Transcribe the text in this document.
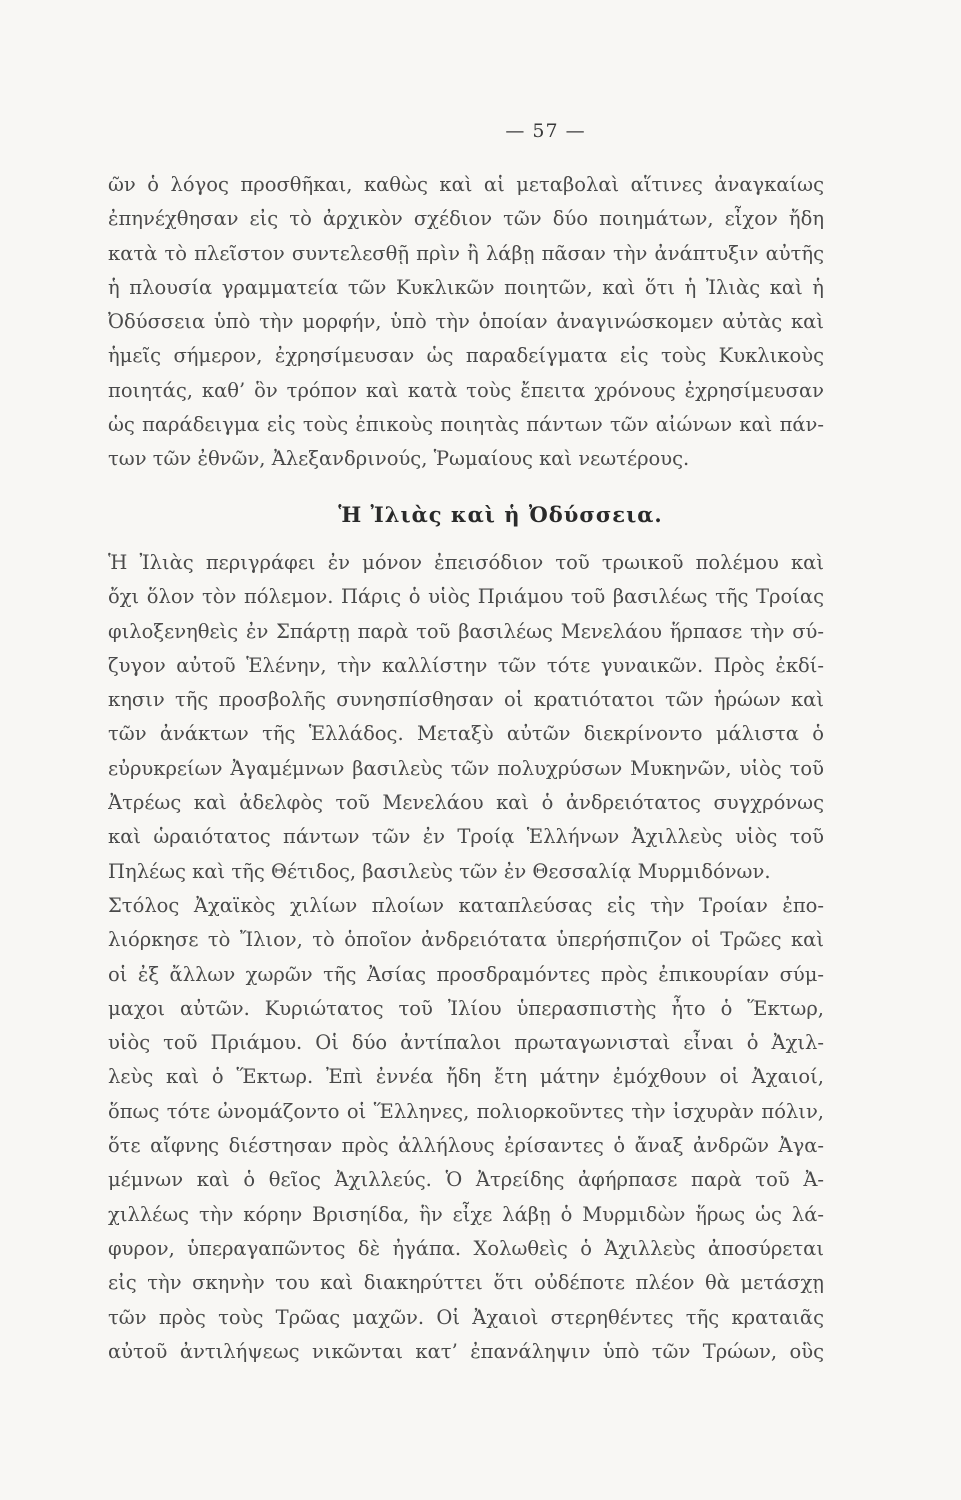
— 57 —
ῶν ὁ λόγος προσθῆκαι, καθὼς καὶ αἱ μεταβολαὶ αἵτινες ἀναγκαίως
ἐπηνέχθησαν εἰς τὸ ἀρχικὸν σχέδιον τῶν δύο ποιημάτων, εἶχον ἤδη
κατὰ τὸ πλεῖστον συντελεσθῇ πρὶν ἢ λάβῃ πᾶσαν τὴν ἀνάπτυξιν αὐτῆς
ἡ πλουσία γραμματεία τῶν Κυκλικῶν ποιητῶν, καὶ ὅτι ἡ Ἰλιὰς καὶ ἡ
Ὀδύσσεια ὑπὸ τὴν μορφήν, ὑπὸ τὴν ὁποίαν ἀναγινώσκομεν αὐτὰς καὶ
ἡμεῖς σήμερον, ἐχρησίμευσαν ὡς παραδείγματα εἰς τοὺς Κυκλικοὺς
ποιητάς, καθ’ ὃν τρόπον καὶ κατὰ τοὺς ἔπειτα χρόνους ἐχρησίμευσαν
ὡς παράδειγμα εἰς τοὺς ἐπικοὺς ποιητὰς πάντων τῶν αἰώνων καὶ πάν-
των τῶν ἐθνῶν, Ἀλεξανδρινούς, Ῥωμαίους καὶ νεωτέρους.
Ἡ Ἰλιὰς καὶ ἡ Ὀδύσσεια.
Ἡ Ἰλιὰς περιγράφει ἐν μόνον ἐπεισόδιον τοῦ τρωικοῦ πολέμου καὶ
ὄχι ὅλον τὸν πόλεμον. Πάρις ὁ υἱὸς Πριάμου τοῦ βασιλέως τῆς Τροίας
φιλοξενηθεὶς ἐν Σπάρτῃ παρὰ τοῦ βασιλέως Μενελάου ἥρπασε τὴν σύ-
ζυγον αὐτοῦ Ἑλένην, τὴν καλλίστην τῶν τότε γυναικῶν. Πρὸς ἐκδί-
κησιν τῆς προσβολῆς συνησπίσθησαν οἱ κρατιότατοι τῶν ἡρώων καὶ
τῶν ἀνάκτων τῆς Ἑλλάδος. Μεταξὺ αὐτῶν διεκρίνοντο μάλιστα ὁ
εὐρυκρείων Ἀγαμέμνων βασιλεὺς τῶν πολυχρύσων Μυκηνῶν, υἱὸς τοῦ
Ἀτρέως καὶ ἀδελφὸς τοῦ Μενελάου καὶ ὁ ἀνδρειότατος συγχρόνως
καὶ ὡραιότατος πάντων τῶν ἐν Τροίᾳ Ἑλλήνων Ἀχιλλεὺς υἱὸς τοῦ
Πηλέως καὶ τῆς Θέτιδος, βασιλεὺς τῶν ἐν Θεσσαλίᾳ Μυρμιδόνων.
Στόλος Ἀχαϊκὸς χιλίων πλοίων καταπλεύσας εἰς τὴν Τροίαν ἐπο-
λιόρκησε τὸ Ἴλιον, τὸ ὁποῖον ἀνδρειότατα ὑπερήσπιζον οἱ Τρῶες καὶ
οἱ ἐξ ἄλλων χωρῶν τῆς Ἀσίας προσδραμόντες πρὸς ἐπικουρίαν σύμ-
μαχοι αὐτῶν. Κυριώτατος τοῦ Ἰλίου ὑπερασπιστὴς ἦτο ὁ Ἕκτωρ,
υἱὸς τοῦ Πριάμου. Οἱ δύο ἀντίπαλοι πρωταγωνισταὶ εἶναι ὁ Ἀχιλ-
λεὺς καὶ ὁ Ἕκτωρ. Ἐπὶ ἐννέα ἤδη ἔτη μάτην ἐμόχθουν οἱ Ἀχαιοί,
ὅπως τότε ὠνομάζοντο οἱ Ἕλληνες, πολιορκοῦντες τὴν ἰσχυρὰν πόλιν,
ὅτε αἴφνης διέστησαν πρὸς ἀλλήλους ἐρίσαντες ὁ ἄναξ ἀνδρῶν Ἀγα-
μέμνων καὶ ὁ θεῖος Ἀχιλλεύς. Ὁ Ἀτρείδης ἀφήρπασε παρὰ τοῦ Ἀ-
χιλλέως τὴν κόρην Βρισηίδα, ἣν εἶχε λάβῃ ὁ Μυρμιδὼν ἥρως ὡς λά-
φυρον, ὑπεραγαπῶντος δὲ ἠγάπα. Χολωθεὶς ὁ Ἀχιλλεὺς ἀποσύρεται
εἰς τὴν σκηνὴν του καὶ διακηρύττει ὅτι οὐδέποτε πλέον θὰ μετάσχῃ
τῶν πρὸς τοὺς Τρῶας μαχῶν. Οἱ Ἀχαιοὶ στερηθέντες τῆς κραταιᾶς
αὐτοῦ ἀντιλήψεως νικῶνται κατ’ ἐπανάληψιν ὑπὸ τῶν Τρώων, οὓς
